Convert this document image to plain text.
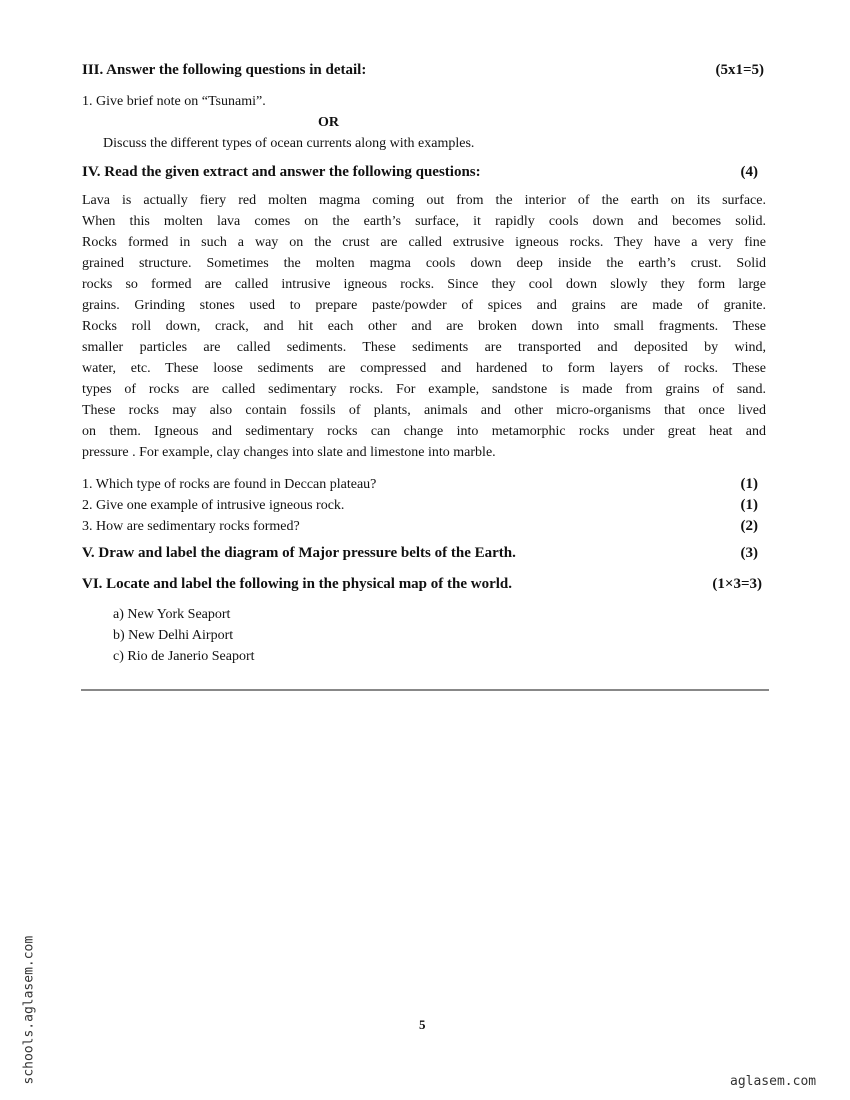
III. Answer the following questions in detail:	(5x1=5)
1. Give brief note on “Tsunami”.
OR
Discuss the different types of ocean currents along with examples.
IV. Read the given extract and answer the following questions:	(4)
Lava is actually fiery red molten magma coming out from the interior of the earth on its surface.
When this molten lava comes on the earth’s surface, it rapidly cools down and becomes solid.
Rocks formed in such a way on the crust are called extrusive igneous rocks. They have a very fine
grained structure. Sometimes the molten magma cools down deep inside the earth’s crust. Solid
rocks so formed are called intrusive igneous rocks. Since they cool down slowly they form large
grains. Grinding stones used to prepare paste/powder of spices and grains are made of granite.
Rocks roll down, crack, and hit each other and are broken down into small fragments. These
smaller particles are called sediments. These sediments are transported and deposited by wind,
water, etc. These loose sediments are compressed and hardened to form layers of rocks. These
types of rocks are called sedimentary rocks. For example, sandstone is made from grains of sand.
These rocks may also contain fossils of plants, animals and other micro-organisms that once lived
on them. Igneous and sedimentary rocks can change into metamorphic rocks under great heat and
pressure . For example, clay changes into slate and limestone into marble.
1. Which type of rocks are found in Deccan plateau?	(1)
2. Give one example of intrusive igneous rock.	(1)
3. How are sedimentary rocks formed?	(2)
V. Draw and label the diagram of Major pressure belts of the Earth.	(3)
VI. Locate and label the following in the physical map of the world.	(1×3=3)
a) New York Seaport
b) New Delhi Airport
c) Rio de Janerio Seaport
5
schools.aglasem.com	aglasem.com
